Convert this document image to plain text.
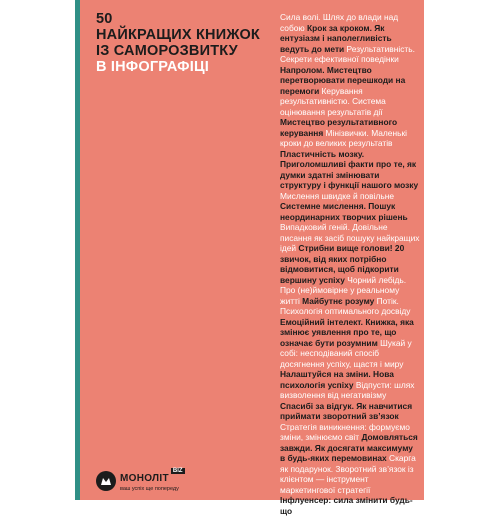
50
НАЙКРАЩИХ КНИЖОК
ІЗ САМОРОЗВИТКУ
В ІНФОГРАФІЦІ
Сила волі. Шлях до влади над собою Крок за кроком. Як ентузіазм і наполегливість ведуть до мети Результативність. Секрети ефективної поведінки Напролом. Мистецтво перетворювати перешкоди на перемоги Керування результативністю. Система оцінювання результатів дії Мистецтво результативного керування Мінізвички. Маленькі кроки до великих результатів Пластичність мозку. Приголомшливі факти про те, як думки здатні змінювати структуру і функції нашого мозку Мислення швидке й повільне Системне мислення. Пошук неординарних творчих рішень Випадковий геній. Довільне писання як засіб пошуку найкращих ідей Стрибни вище голови! 20 звичок, від яких потрібно відмовитися, щоб підкорити вершину успіху Чорний лебідь. Про (не)ймовірне у реальному житті Майбутнє розуму Потік. Психологія оптимального досвіду Емоційний інтелект. Книжка, яка змінює уявлення про те, що означає бути розумним Шукай у собі: несподіваний спосіб досягнення успіху, щастя і миру Налаштуйся на зміни. Нова психологія успіху Відпусти: шлях визволення від негативізму Спасибі за відгук. Як навчитися приймати зворотний зв’язок Стратегія виникнення: формуємо зміни, змінюємо світ Домовляться завжди. Як досягати максимуму в будь-яких перемовинах Скарга як подарунок. Зворотний зв’язок із клієнтом — інструмент маркетингової стратегії Інфлуенсер: сила змінити будь-що Лідер без титулу
$МОНОЛІТ^{BIZ}$
ваш успіх ще попереду
